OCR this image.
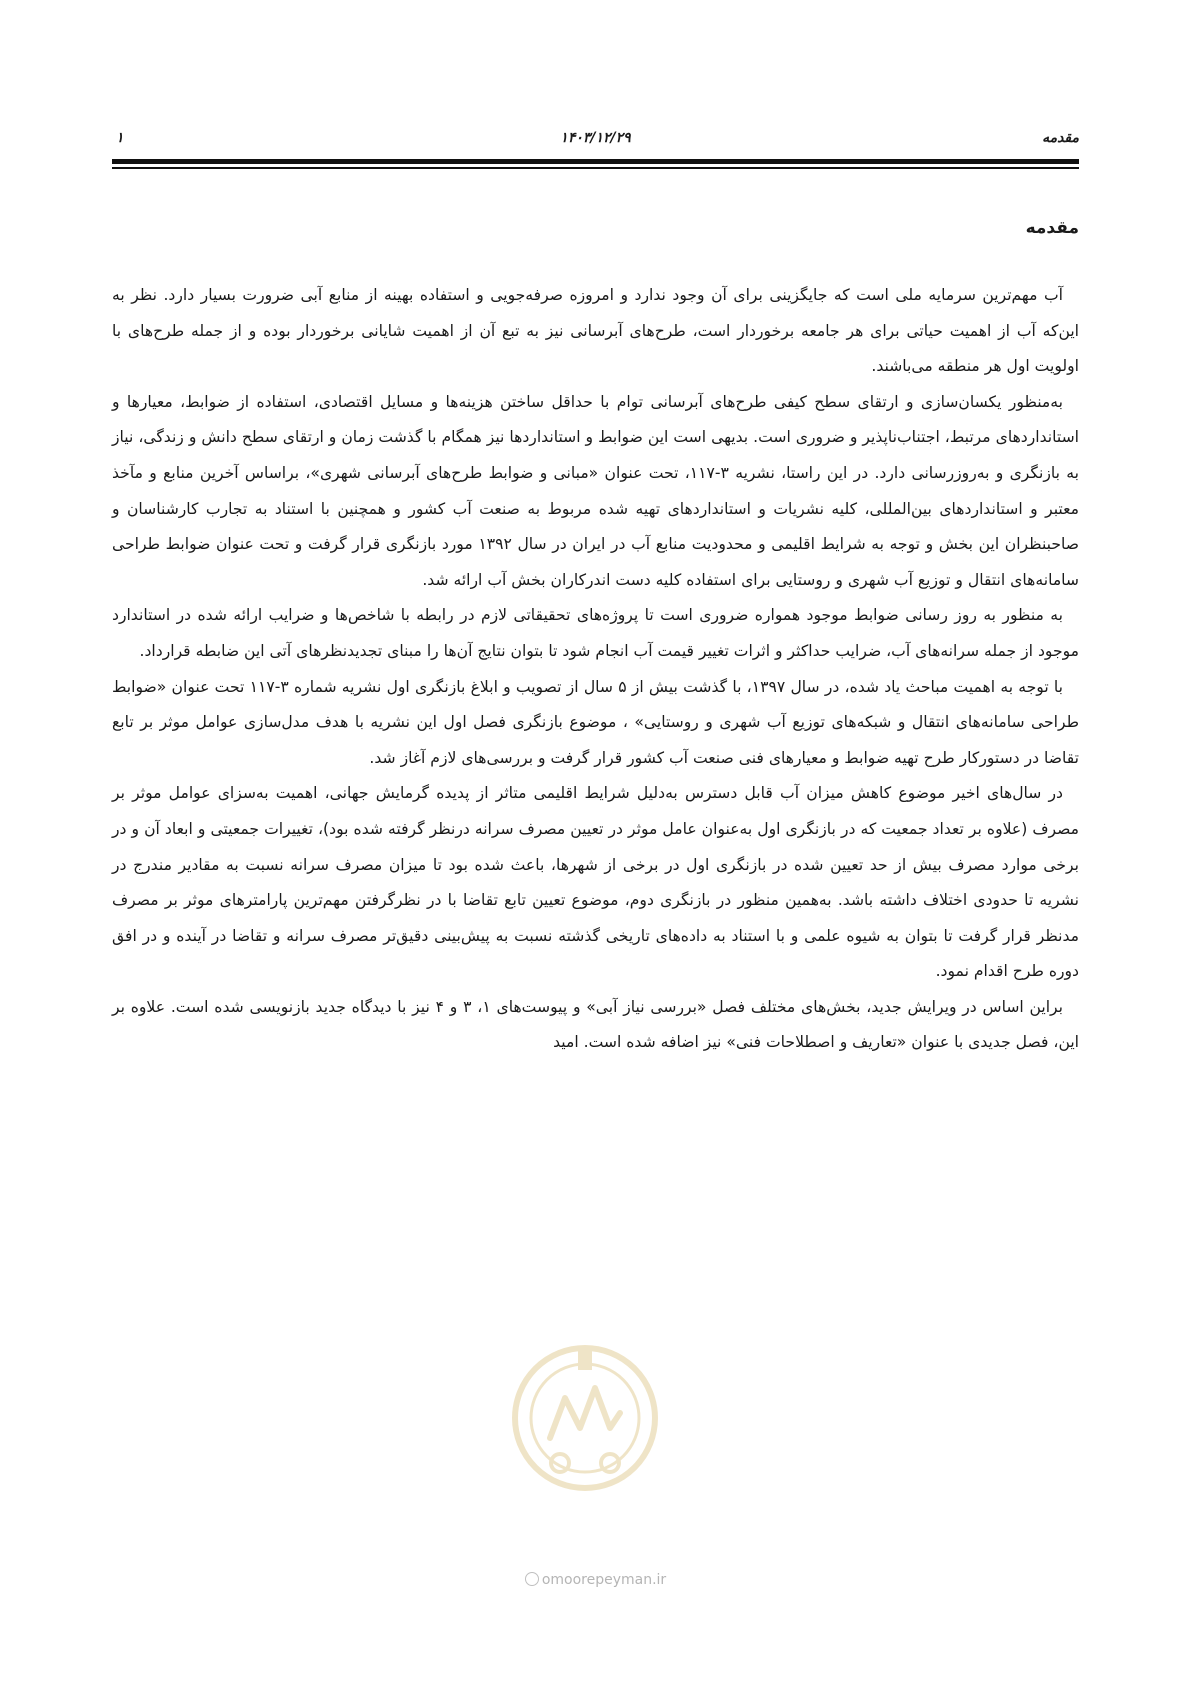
مقدمه
۱۴۰۳/۱۲/۲۹
۱
مقدمه

آب مهم‌ترین سرمایه ملی است که جایگزینی برای آن وجود ندارد و امروزه صرفه‌جویی و استفاده بهینه از منابع آبی ضرورت بسیار دارد. نظر به این‌که آب از اهمیت حیاتی برای هر جامعه برخوردار است، طرح‌های آبرسانی نیز به تبع آن از اهمیت شایانی برخوردار بوده و از جمله طرح‌های با اولویت اول هر منطقه می‌باشند.

به‌منظور یکسان‌سازی و ارتقای سطح کیفی طرح‌های آبرسانی توام با حداقل ساختن هزینه‌ها و مسایل اقتصادی، استفاده از ضوابط، معیارها و استانداردهای مرتبط، اجتناب‌ناپذیر و ضروری است. بدیهی است این ضوابط و استانداردها نیز همگام با گذشت زمان و ارتقای سطح دانش و زندگی، نیاز به بازنگری و به‌روزرسانی دارد. در این راستا، نشریه ۳-۱۱۷، تحت عنوان «مبانی و ضوابط طرح‌های آبرسانی شهری»، براساس آخرین منابع و مآخذ معتبر و استانداردهای بین‌المللی، کلیه نشریات و استانداردهای تهیه شده مربوط به صنعت آب کشور و همچنین با استناد به تجارب کارشناسان و صاحبنظران این بخش و توجه به شرایط اقلیمی و محدودیت منابع آب در ایران در سال ۱۳۹۲ مورد بازنگری قرار گرفت و تحت عنوان ضوابط طراحی سامانه‌های انتقال و توزیع آب شهری و روستایی برای استفاده کلیه دست اندرکاران بخش آب ارائه شد.

به منظور به روز رسانی ضوابط موجود همواره ضروری است تا پروژه‌های تحقیقاتی لازم در رابطه با شاخص‌ها و ضرایب ارائه شده در استاندارد موجود از جمله سرانه‌های آب، ضرایب حداکثر و اثرات تغییر قیمت آب انجام شود تا بتوان نتایج آن‌ها را مبنای تجدیدنظرهای آتی این ضابطه قرارداد.

با توجه به اهمیت مباحث یاد شده، در سال ۱۳۹۷، با گذشت بیش از ۵ سال از تصویب و ابلاغ بازنگری اول نشریه شماره ۳-۱۱۷ تحت عنوان «ضوابط طراحی سامانه‌های انتقال و شبکه‌های توزیع آب شهری و روستایی» ، موضوع بازنگری فصل اول این نشریه با هدف مدل‌سازی عوامل موثر بر تابع تقاضا در دستورکار طرح تهیه ضوابط و معیارهای فنی صنعت آب کشور قرار گرفت و بررسی‌های لازم آغاز شد.

در سال‌های اخیر موضوع کاهش میزان آب قابل دسترس به‌دلیل شرایط اقلیمی متاثر از پدیده گرمایش جهانی، اهمیت به‌سزای عوامل موثر بر مصرف (علاوه بر تعداد جمعیت که در بازنگری اول به‌عنوان عامل موثر در تعیین مصرف سرانه درنظر گرفته شده بود)، تغییرات جمعیتی و ابعاد آن و در برخی موارد مصرف بیش از حد تعیین شده در بازنگری اول در برخی از شهرها، باعث شده بود تا میزان مصرف سرانه نسبت به مقادیر مندرج در نشریه تا حدودی اختلاف داشته باشد. به‌همین منظور در بازنگری دوم، موضوع تعیین تابع تقاضا با در نظرگرفتن مهم‌ترین پارامترهای موثر بر مصرف مدنظر قرار گرفت تا بتوان به شیوه علمی و با استناد به داده‌های تاریخی گذشته نسبت به پیش‌بینی دقیق‌تر مصرف سرانه و تقاضا در آینده و در افق دوره طرح اقدام نمود.

براین اساس در ویرایش جدید، بخش‌های مختلف فصل «بررسی نیاز آبی» و پیوست‌های ۱، ۳ و ۴ نیز با دیدگاه جدید بازنویسی شده است. علاوه بر این، فصل جدیدی با عنوان «تعاریف و اصطلاحات فنی» نیز اضافه شده است. امید

omoorepeyman.ir
